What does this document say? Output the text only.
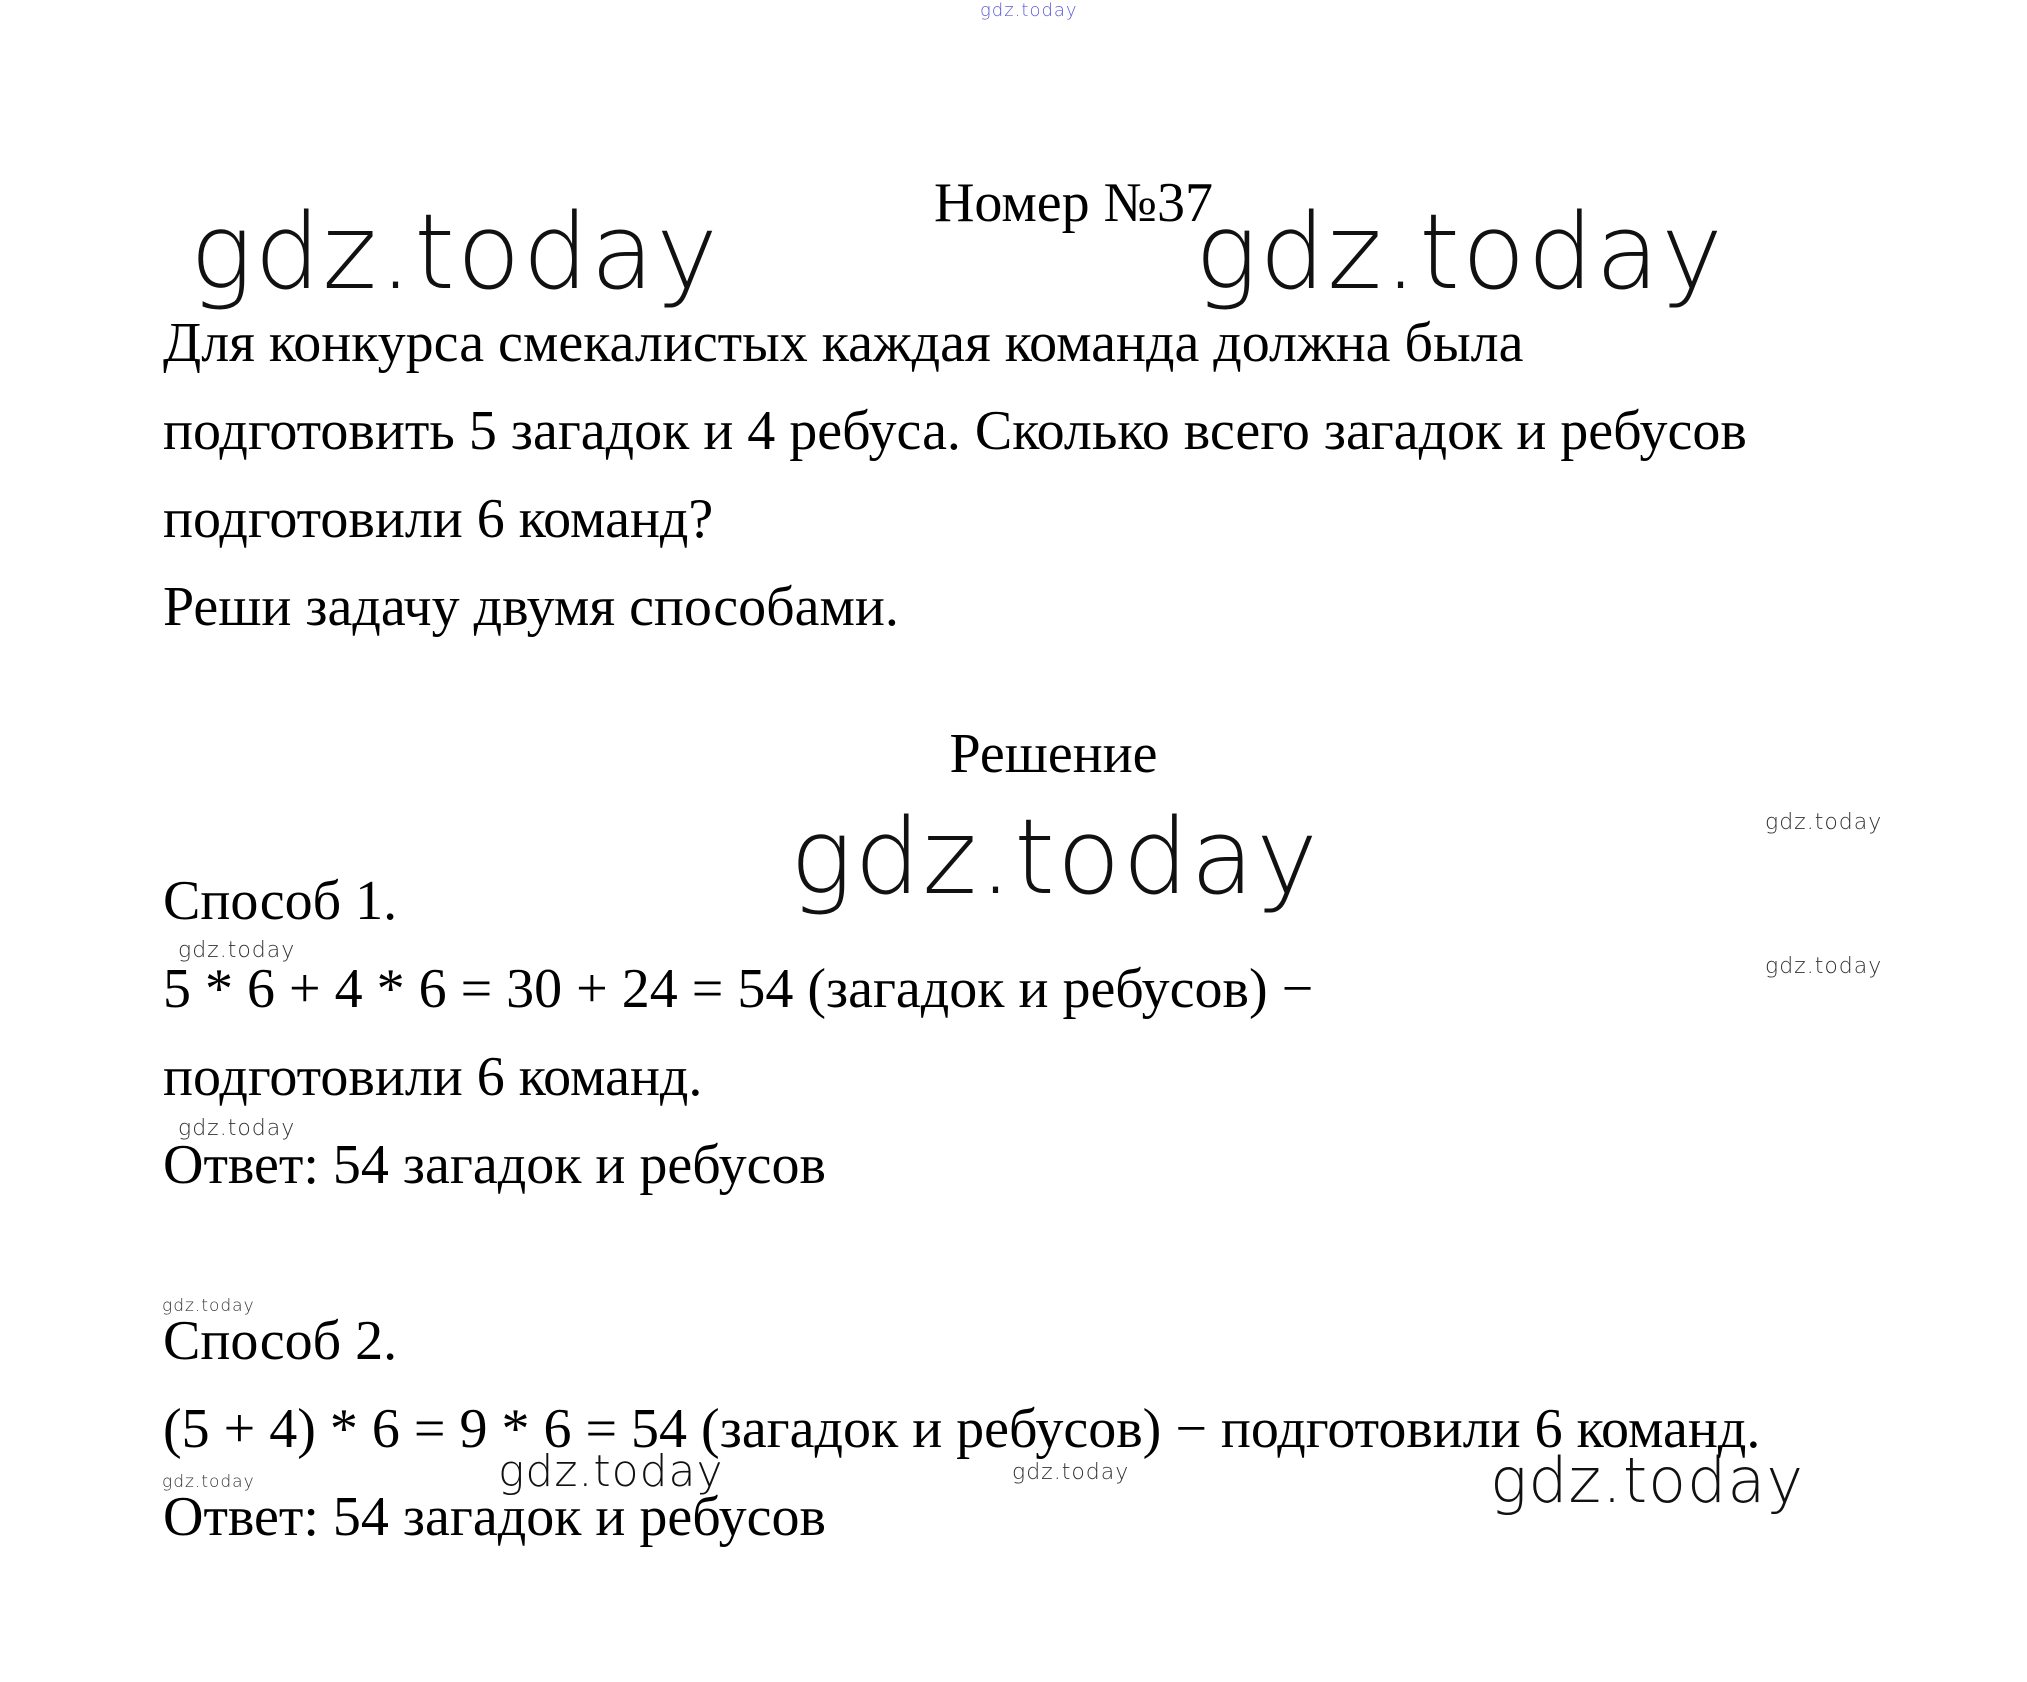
gdz.today
gdz.today	gdz.today
gdz.today	gdz.today
gdz.today
gdz.today
gdz.today
gdz.today
gdz.today	gdz.today	gdz.today
gdz.today
Номер №37
Для конкурса смекалистых каждая команда должна была
подготовить 5 загадок и 4 ребуса. Сколько всего загадок и ребусов
подготовили 6 команд?
Реши задачу двумя способами.
Решение
Способ 1.
5 * 6 + 4 * 6 = 30 + 24 = 54 (загадок и ребусов) −
подготовили 6 команд.
Ответ: 54 загадок и ребусов
Способ 2.
(5 + 4) * 6 = 9 * 6 = 54 (загадок и ребусов) − подготовили 6 команд.
Ответ: 54 загадок и ребусов
